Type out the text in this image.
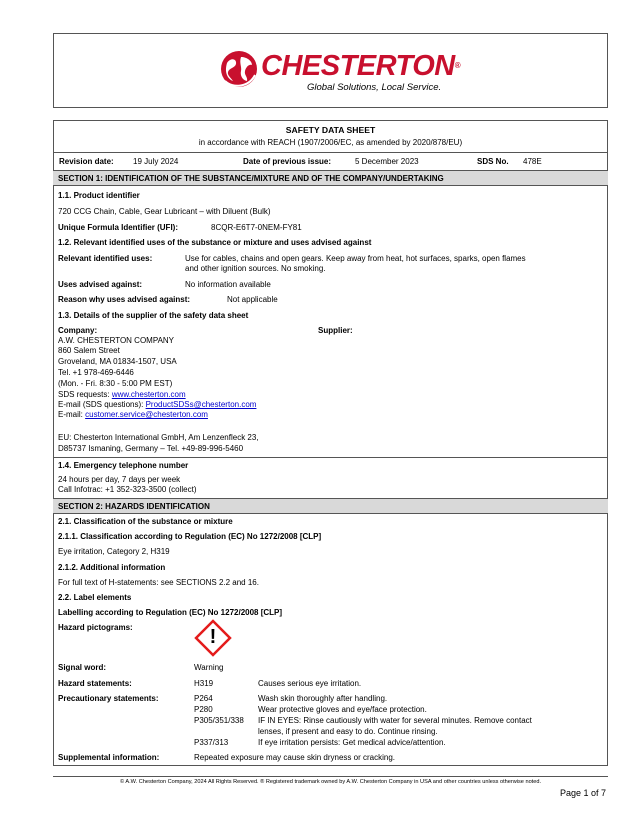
CHESTERTON®
Global Solutions, Local Service.
SAFETY DATA SHEET
in accordance with REACH (1907/2006/EC, as amended by 2020/878/EU)
Revision date: 19 July 2024	Date of previous issue:	5 December 2023	SDS No. 478E
SECTION 1: IDENTIFICATION OF THE SUBSTANCE/MIXTURE AND OF THE COMPANY/UNDERTAKING
1.1. Product identifier
720 CCG Chain, Cable, Gear Lubricant – with Diluent (Bulk)
Unique Formula Identifier (UFI):	8CQR-E6T7-0NEM-FY81
1.2. Relevant identified uses of the substance or mixture and uses advised against
Relevant identified uses:	Use for cables, chains and open gears. Keep away from heat, hot surfaces, sparks, open flames
and other ignition sources. No smoking.
Uses advised against:	No information available
Reason why uses advised against:	Not applicable
1.3. Details of the supplier of the safety data sheet
Company:	Supplier:
A.W. CHESTERTON COMPANY
860 Salem Street
Groveland, MA 01834-1507, USA
Tel. +1 978-469-6446
(Mon. - Fri. 8:30 - 5:00 PM EST)
SDS requests: www.chesterton.com
E-mail (SDS questions): ProductSDSs@chesterton.com
E-mail: customer.service@chesterton.com
EU: Chesterton International GmbH, Am Lenzenfleck 23,
D85737 Ismaning, Germany – Tel. +49-89-996-5460
1.4. Emergency telephone number
24 hours per day, 7 days per week
Call Infotrac: +1 352-323-3500 (collect)
SECTION 2: HAZARDS IDENTIFICATION
2.1. Classification of the substance or mixture
2.1.1. Classification according to Regulation (EC) No 1272/2008 [CLP]
Eye irritation, Category 2, H319
2.1.2. Additional information
For full text of H-statements: see SECTIONS 2.2 and 16.
2.2. Label elements
Labelling according to Regulation (EC) No 1272/2008 [CLP]
Hazard pictograms:	!
Signal word:	Warning
Hazard statements:	H319	Causes serious eye irritation.
Precautionary statements:	P264	Wash skin thoroughly after handling.
P280	Wear protective gloves and eye/face protection.
P305/351/338 IF IN EYES: Rinse cautiously with water for several minutes. Remove contact
lenses, if present and easy to do. Continue rinsing.
P337/313	If eye irritation persists: Get medical advice/attention.
Supplemental information:	Repeated exposure may cause skin dryness or cracking.
© A.W. Chesterton Company, 2024 All Rights Reserved. ® Registered trademark owned by A.W. Chesterton Company in USA and other countries unless otherwise noted.
Page 1 of 7
